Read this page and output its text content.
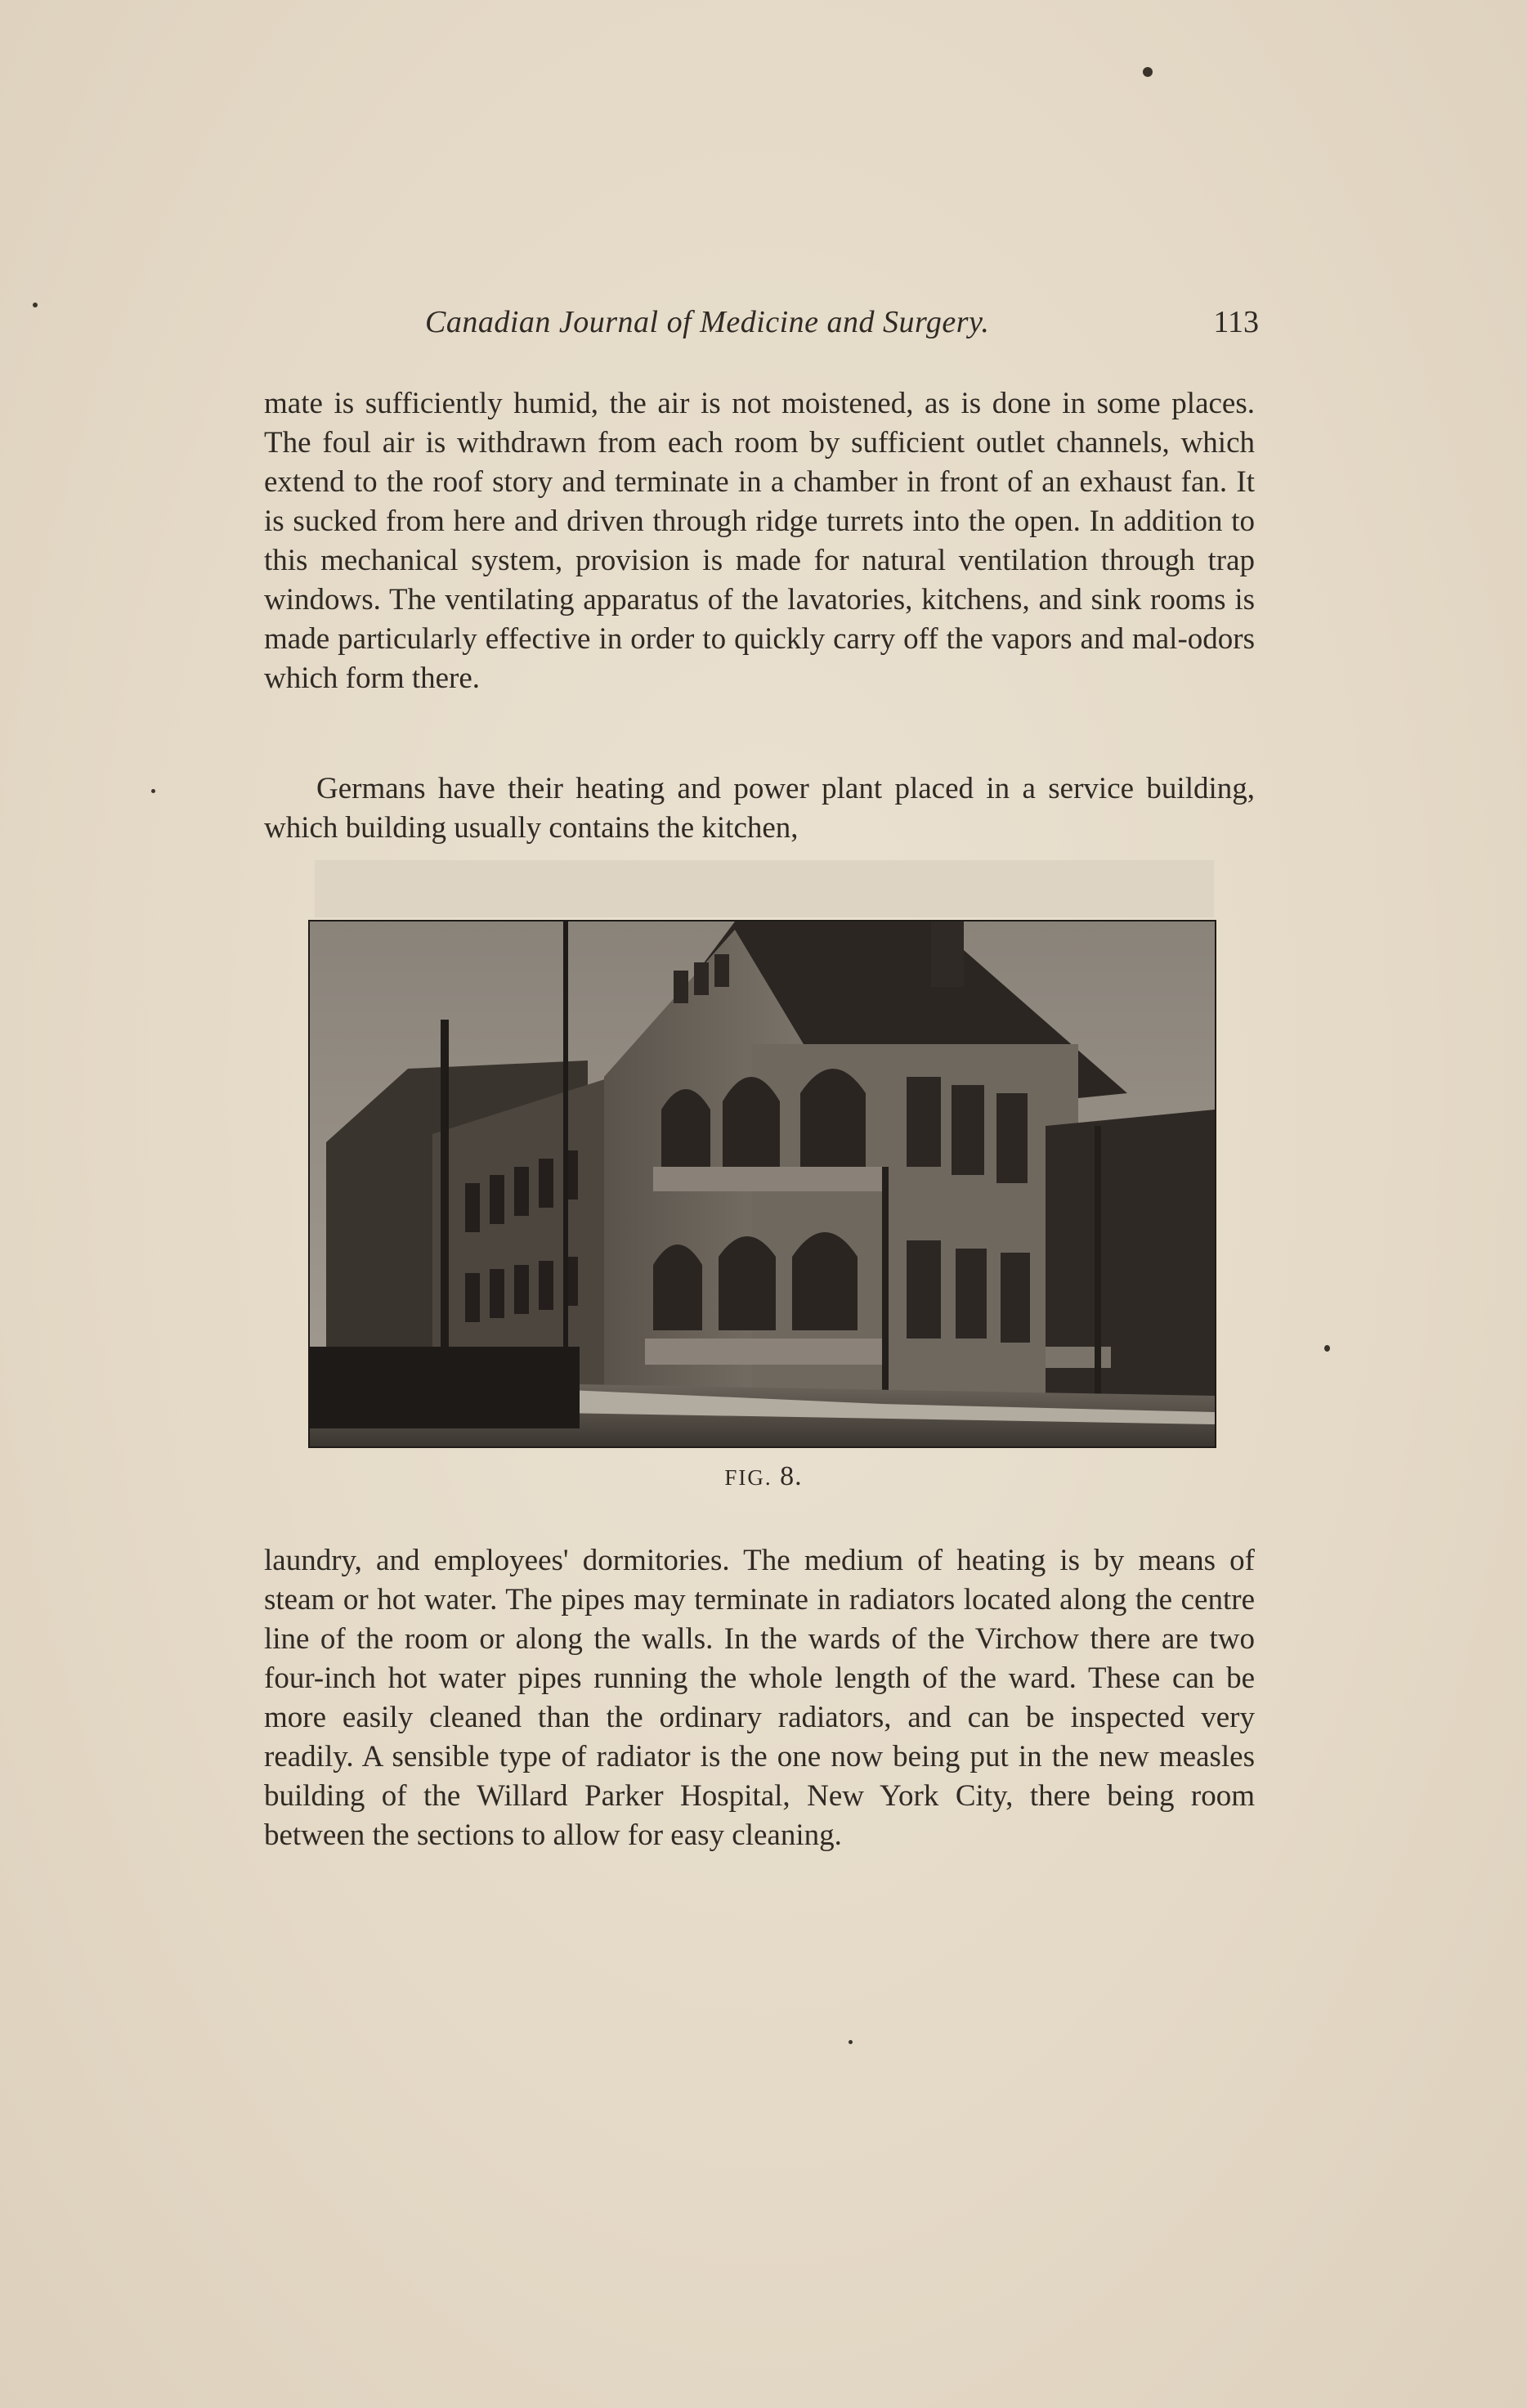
Canadian Journal of Medicine and Surgery.	113

mate is sufficiently humid, the air is not moistened, as is done in some places. The foul air is withdrawn from each room by sufficient outlet channels, which extend to the roof story and terminate in a chamber in front of an exhaust fan. It is sucked from here and driven through ridge turrets into the open. In addition to this mechanical system, provision is made for natural ventilation through trap windows. The ventilating apparatus of the lavatories, kitchens, and sink rooms is made particularly effective in order to quickly carry off the vapors and mal-odors which form there.

Germans have their heating and power plant placed in a service building, which building usually contains the kitchen,

FIG. 8.

laundry, and employees' dormitories. The medium of heating is by means of steam or hot water. The pipes may terminate in radiators located along the centre line of the room or along the walls. In the wards of the Virchow there are two four-inch hot water pipes running the whole length of the ward. These can be more easily cleaned than the ordinary radiators, and can be inspected very readily. A sensible type of radiator is the one now being put in the new measles building of the Willard Parker Hospital, New York City, there being room between the sections to allow for easy cleaning.
